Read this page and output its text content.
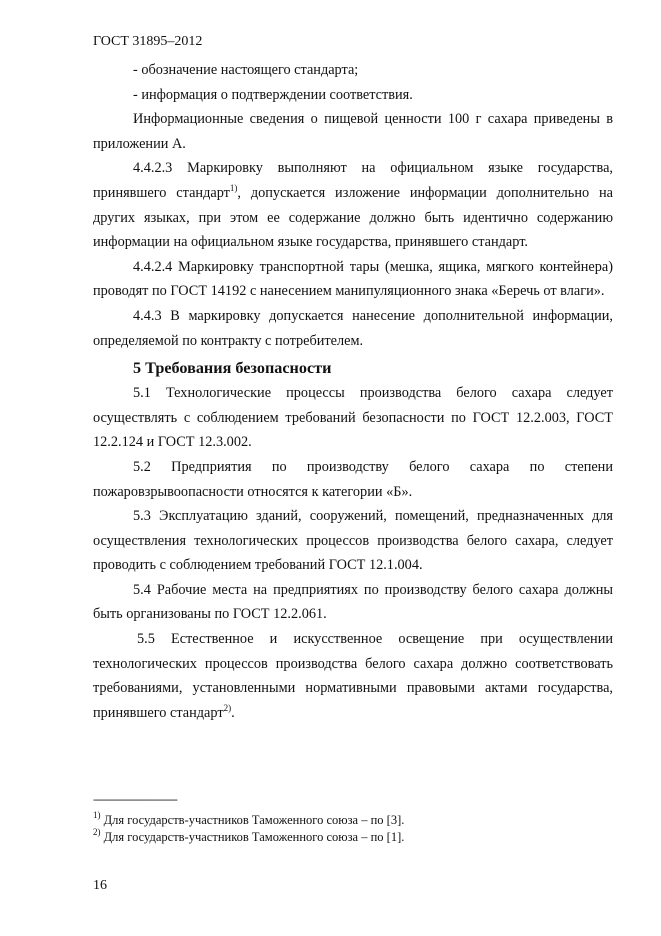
ГОСТ 31895–2012

- обозначение настоящего стандарта;

- информация о подтверждении соответствия.

Информационные сведения о пищевой ценности 100 г сахара приведены в приложении А.

4.4.2.3 Маркировку выполняют на официальном языке государства, принявшего стандарт$^{1)}$, допускается изложение информации дополнительно на других языках, при этом ее содержание должно быть идентично содержанию информации на официальном языке государства, принявшего стандарт.

4.4.2.4 Маркировку транспортной тары (мешка, ящика, мягкого контейнера) проводят по ГОСТ 14192 с нанесением манипуляционного знака «Беречь от влаги».

4.4.3 В маркировку допускается нанесение дополнительной информации, определяемой по контракту с потребителем.

5 Требования безопасности

5.1 Технологические процессы производства белого сахара следует осуществлять с соблюдением требований безопасности по ГОСТ 12.2.003, ГОСТ 12.2.124 и ГОСТ 12.3.002.

5.2 Предприятия по производству белого сахара по степени пожаровзрывоопасности относятся к категории «Б».

5.3 Эксплуатацию зданий, сооружений, помещений, предназначенных для осуществления технологических процессов производства белого сахара, следует проводить с соблюдением требований ГОСТ 12.1.004.

5.4 Рабочие места на предприятиях по производству белого сахара должны быть организованы по ГОСТ 12.2.061.

5.5 Естественное и искусственное освещение при осуществлении технологических процессов производства белого сахара должно соответствовать требованиями, установленными нормативными правовыми актами государства, принявшего стандарт$^{2)}$.

----------------------------
$^{1)}$ Для государств-участников Таможенного союза – по [3].
$^{2)}$ Для государств-участников Таможенного союза – по [1].
16
